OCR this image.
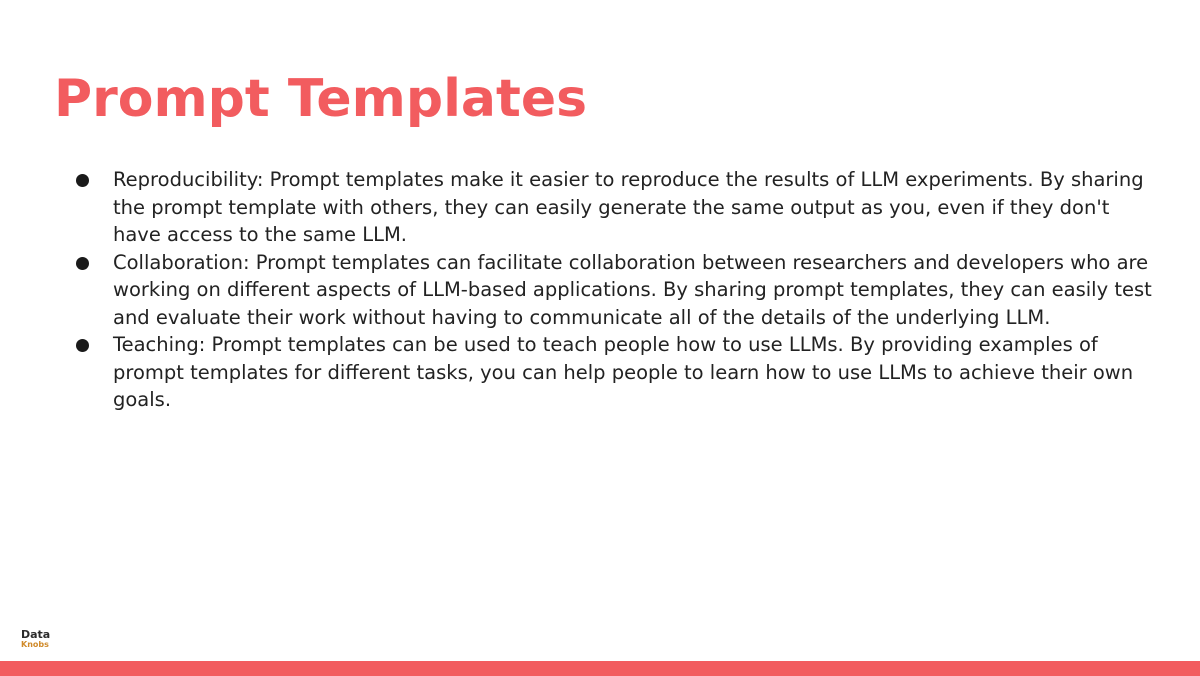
Prompt Templates
Reproducibility: Prompt templates make it easier to reproduce the results of LLM experiments. By sharing the prompt template with others, they can easily generate the same output as you, even if they don't have access to the same LLM.
Collaboration: Prompt templates can facilitate collaboration between researchers and developers who are working on different aspects of LLM-based applications. By sharing prompt templates, they can easily test and evaluate their work without having to communicate all of the details of the underlying LLM.
Teaching: Prompt templates can be used to teach people how to use LLMs. By providing examples of prompt templates for different tasks, you can help people to learn how to use LLMs to achieve their own goals.
Data
Knobs
